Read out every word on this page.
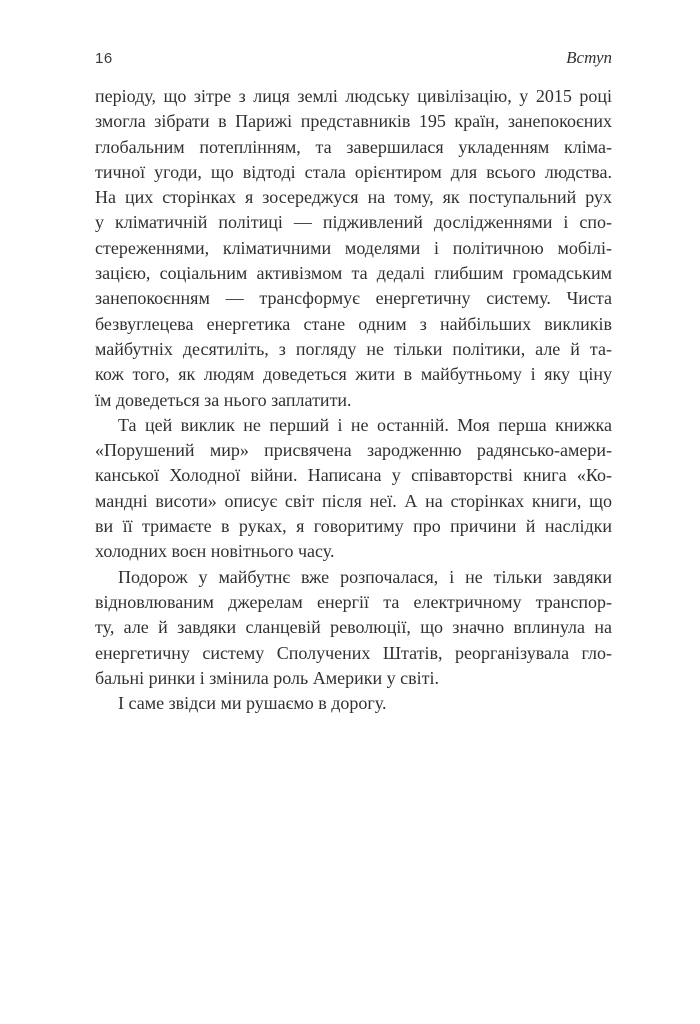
16	Вступ
періоду, що зітре з лиця землі людську цивілізацію, у 2015 році
змогла зібрати в Парижі представників 195 країн, занепокоєних
глобальним потеплінням, та завершилася укладенням кліма-
тичної угоди, що відтоді стала орієнтиром для всього людства.
На цих сторінках я зосереджуся на тому, як поступальний рух
у кліматичній політиці — підживлений дослідженнями і спо-
стереженнями, кліматичними моделями і політичною мобілі-
зацією, соціальним активізмом та дедалі глибшим громадським
занепокоєнням — трансформує енергетичну систему. Чиста
безвуглецева енергетика стане одним з найбільших викликів
майбутніх десятиліть, з погляду не тільки політики, але й та-
кож того, як людям доведеться жити в майбутньому і яку ціну
їм доведеться за нього заплатити.
Та цей виклик не перший і не останній. Моя перша книжка
«Порушений мир» присвячена зародженню радянсько-амери-
канської Холодної війни. Написана у співавторстві книга «Ко-
мандні висоти» описує світ після неї. А на сторінках книги, що
ви її тримаєте в руках, я говоритиму про причини й наслідки
холодних воєн новітнього часу.
Подорож у майбутнє вже розпочалася, і не тільки завдяки
відновлюваним джерелам енергії та електричному транспор-
ту, але й завдяки сланцевій революції, що значно вплинула на
енергетичну систему Сполучених Штатів, реорганізувала гло-
бальні ринки і змінила роль Америки у світі.
І саме звідси ми рушаємо в дорогу.
